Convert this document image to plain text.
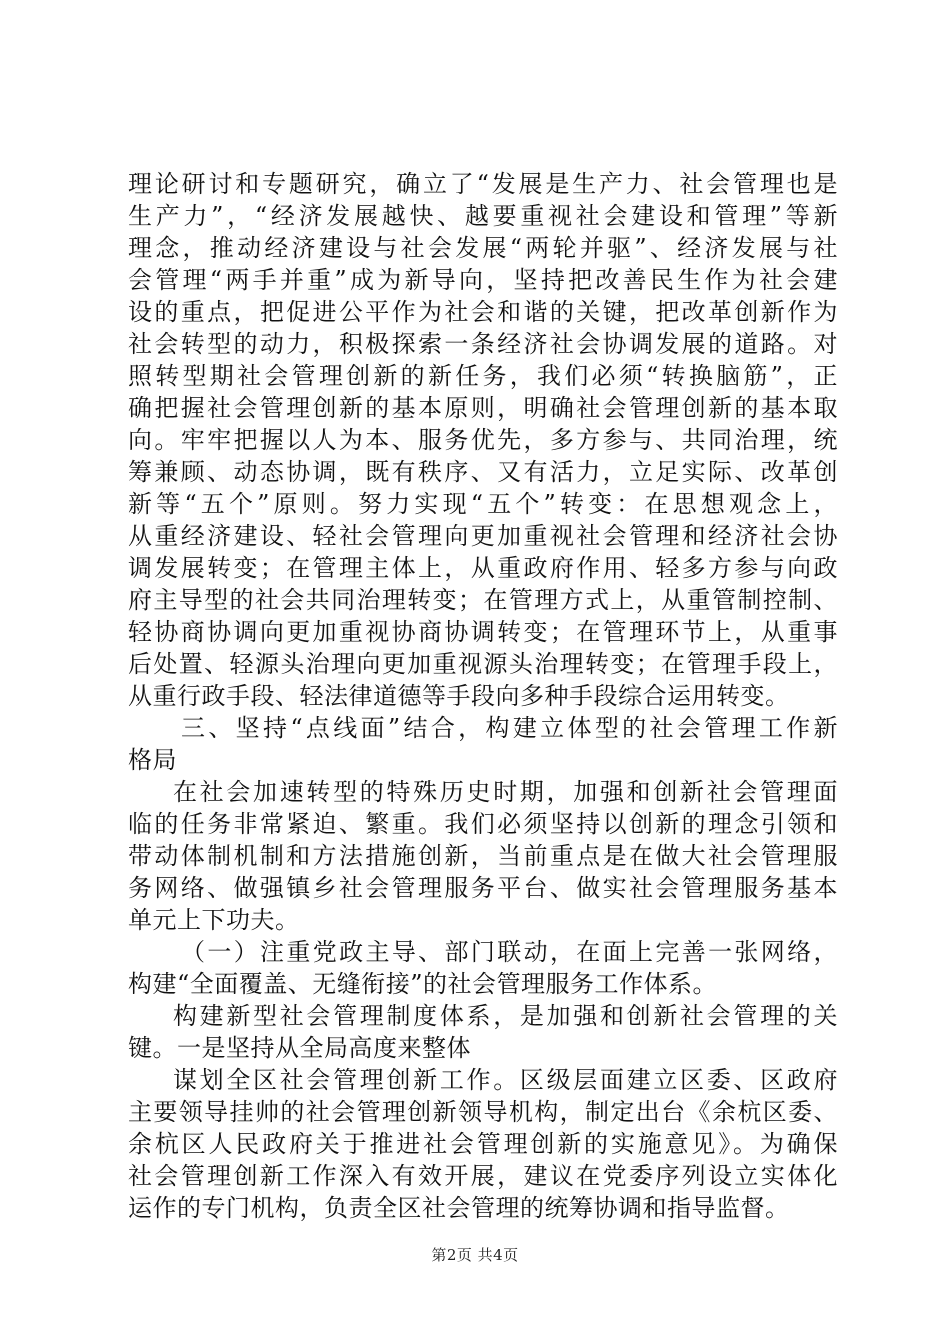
理论研讨和专题研究，确立了“发展是生产力、社会管理也是
生产力”，“经济发展越快、越要重视社会建设和管理”等新
理念，推动经济建设与社会发展“两轮并驱”、经济发展与社
会管理“两手并重”成为新导向，坚持把改善民生作为社会建
设的重点，把促进公平作为社会和谐的关键，把改革创新作为
社会转型的动力，积极探索一条经济社会协调发展的道路。对
照转型期社会管理创新的新任务，我们必须“转换脑筋”，正
确把握社会管理创新的基本原则，明确社会管理创新的基本取
向。牢牢把握以人为本、服务优先，多方参与、共同治理，统
筹兼顾、动态协调，既有秩序、又有活力，立足实际、改革创
新等“五个”原则。努力实现“五个”转变：在思想观念上，
从重经济建设、轻社会管理向更加重视社会管理和经济社会协
调发展转变；在管理主体上，从重政府作用、轻多方参与向政
府主导型的社会共同治理转变；在管理方式上，从重管制控制、
轻协商协调向更加重视协商协调转变；在管理环节上，从重事
后处置、轻源头治理向更加重视源头治理转变；在管理手段上，
从重行政手段、轻法律道德等手段向多种手段综合运用转变。
三、坚持“点线面”结合，构建立体型的社会管理工作新
格局
在社会加速转型的特殊历史时期，加强和创新社会管理面
临的任务非常紧迫、繁重。我们必须坚持以创新的理念引领和
带动体制机制和方法措施创新，当前重点是在做大社会管理服
务网络、做强镇乡社会管理服务平台、做实社会管理服务基本
单元上下功夫。
（一）注重党政主导、部门联动，在面上完善一张网络，
构建“全面覆盖、无缝衔接”的社会管理服务工作体系。
构建新型社会管理制度体系，是加强和创新社会管理的关
键。一是坚持从全局高度来整体
谋划全区社会管理创新工作。区级层面建立区委、区政府
主要领导挂帅的社会管理创新领导机构，制定出台《余杭区委、
余杭区人民政府关于推进社会管理创新的实施意见》。为确保
社会管理创新工作深入有效开展，建议在党委序列设立实体化
运作的专门机构，负责全区社会管理的统筹协调和指导监督。
第2页 共4页
